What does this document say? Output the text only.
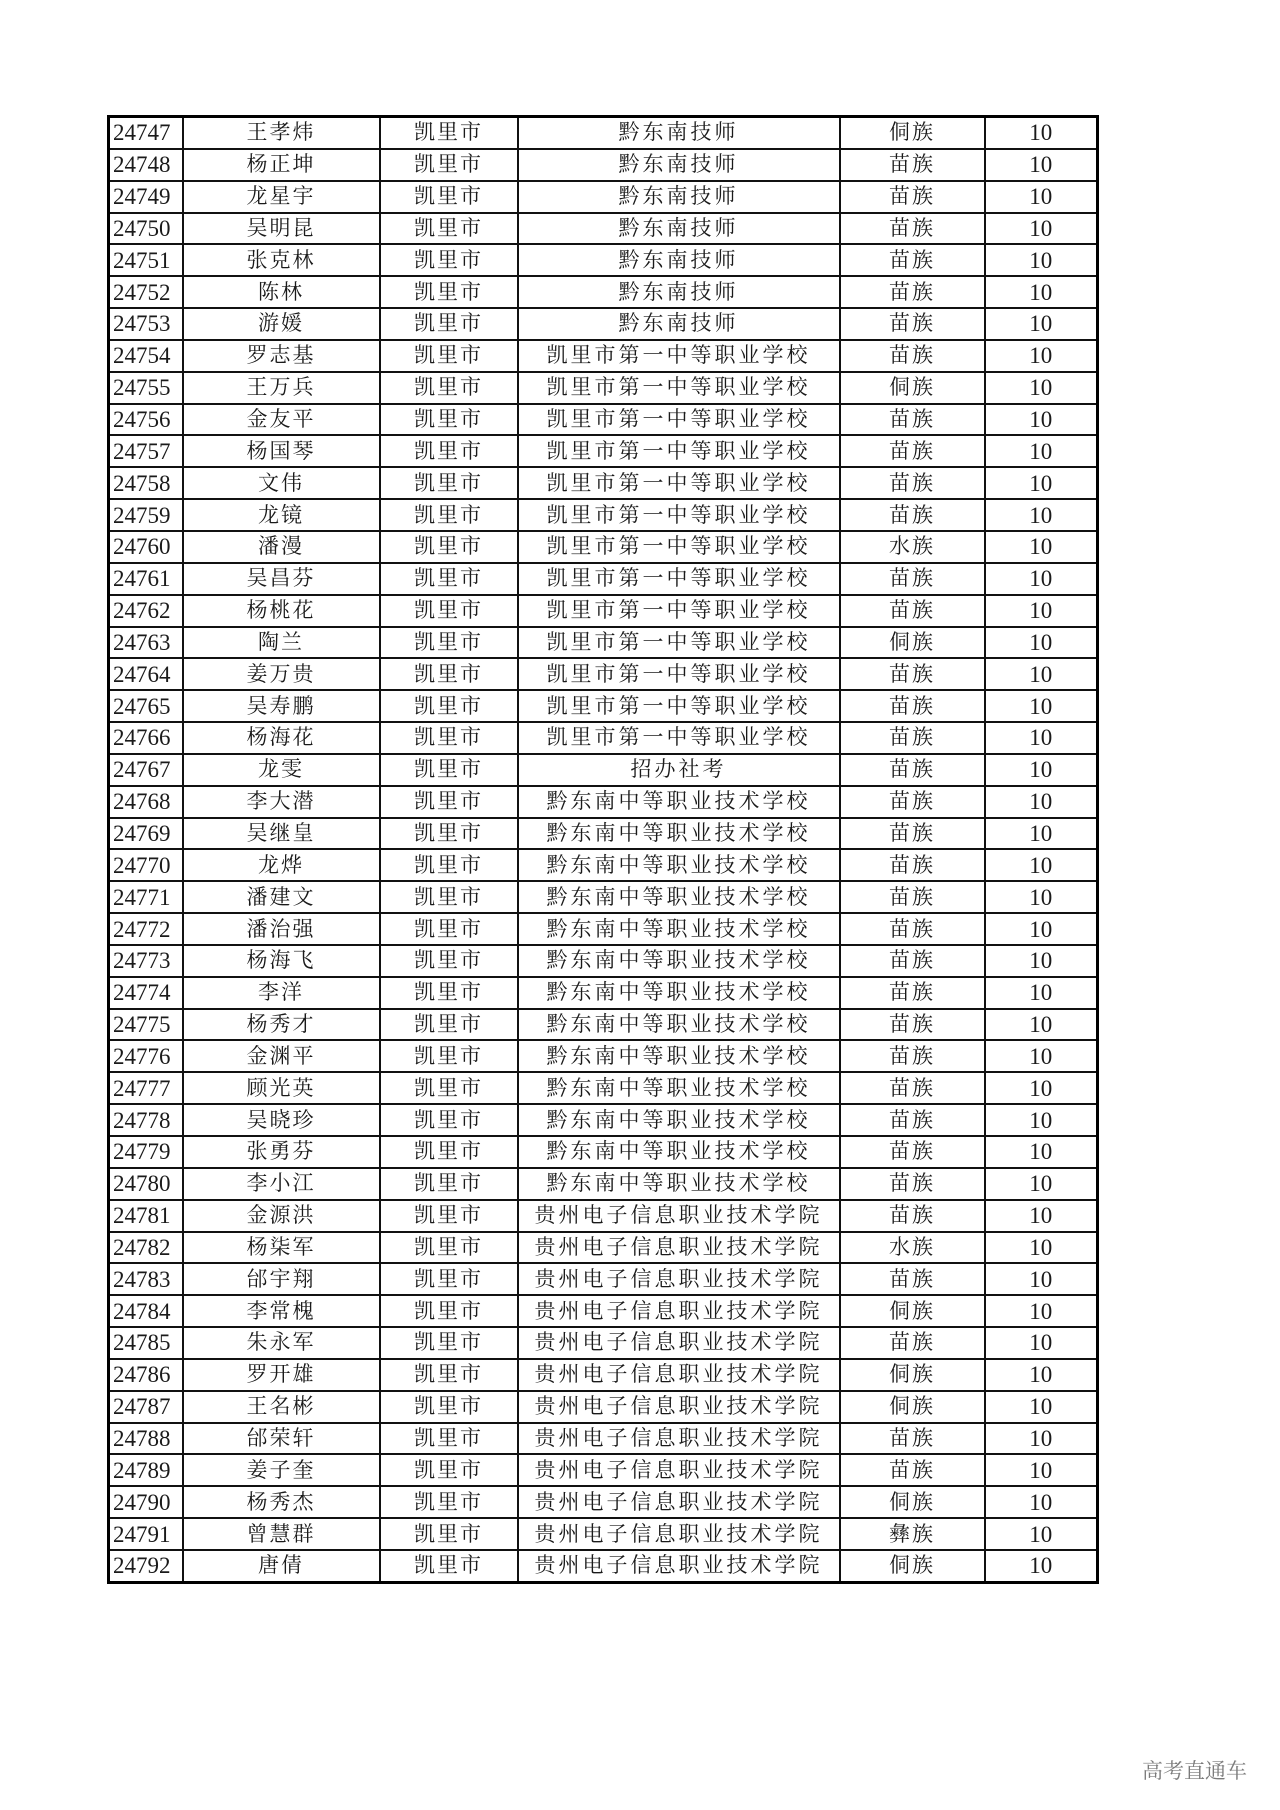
24747	王孝炜	凯里市	黔东南技师	侗族	10
24748	杨正坤	凯里市	黔东南技师	苗族	10
24749	龙星宇	凯里市	黔东南技师	苗族	10
24750	吴明昆	凯里市	黔东南技师	苗族	10
24751	张克林	凯里市	黔东南技师	苗族	10
24752	陈林	凯里市	黔东南技师	苗族	10
24753	游媛	凯里市	黔东南技师	苗族	10
24754	罗志基	凯里市	凯里市第一中等职业学校	苗族	10
24755	王万兵	凯里市	凯里市第一中等职业学校	侗族	10
24756	金友平	凯里市	凯里市第一中等职业学校	苗族	10
24757	杨国琴	凯里市	凯里市第一中等职业学校	苗族	10
24758	文伟	凯里市	凯里市第一中等职业学校	苗族	10
24759	龙镜	凯里市	凯里市第一中等职业学校	苗族	10
24760	潘漫	凯里市	凯里市第一中等职业学校	水族	10
24761	吴昌芬	凯里市	凯里市第一中等职业学校	苗族	10
24762	杨桃花	凯里市	凯里市第一中等职业学校	苗族	10
24763	陶兰	凯里市	凯里市第一中等职业学校	侗族	10
24764	姜万贵	凯里市	凯里市第一中等职业学校	苗族	10
24765	吴寿鹏	凯里市	凯里市第一中等职业学校	苗族	10
24766	杨海花	凯里市	凯里市第一中等职业学校	苗族	10
24767	龙雯	凯里市	招办社考	苗族	10
24768	李大潜	凯里市	黔东南中等职业技术学校	苗族	10
24769	吴继皇	凯里市	黔东南中等职业技术学校	苗族	10
24770	龙烨	凯里市	黔东南中等职业技术学校	苗族	10
24771	潘建文	凯里市	黔东南中等职业技术学校	苗族	10
24772	潘治强	凯里市	黔东南中等职业技术学校	苗族	10
24773	杨海飞	凯里市	黔东南中等职业技术学校	苗族	10
24774	李洋	凯里市	黔东南中等职业技术学校	苗族	10
24775	杨秀才	凯里市	黔东南中等职业技术学校	苗族	10
24776	金渊平	凯里市	黔东南中等职业技术学校	苗族	10
24777	顾光英	凯里市	黔东南中等职业技术学校	苗族	10
24778	吴晓珍	凯里市	黔东南中等职业技术学校	苗族	10
24779	张勇芬	凯里市	黔东南中等职业技术学校	苗族	10
24780	李小江	凯里市	黔东南中等职业技术学校	苗族	10
24781	金源洪	凯里市	贵州电子信息职业技术学院	苗族	10
24782	杨柒军	凯里市	贵州电子信息职业技术学院	水族	10
24783	邰宇翔	凯里市	贵州电子信息职业技术学院	苗族	10
24784	李常槐	凯里市	贵州电子信息职业技术学院	侗族	10
24785	朱永军	凯里市	贵州电子信息职业技术学院	苗族	10
24786	罗开雄	凯里市	贵州电子信息职业技术学院	侗族	10
24787	王名彬	凯里市	贵州电子信息职业技术学院	侗族	10
24788	邰荣轩	凯里市	贵州电子信息职业技术学院	苗族	10
24789	姜子奎	凯里市	贵州电子信息职业技术学院	苗族	10
24790	杨秀杰	凯里市	贵州电子信息职业技术学院	侗族	10
24791	曾慧群	凯里市	贵州电子信息职业技术学院	彝族	10
24792	唐倩	凯里市	贵州电子信息职业技术学院	侗族	10
高考直通车
